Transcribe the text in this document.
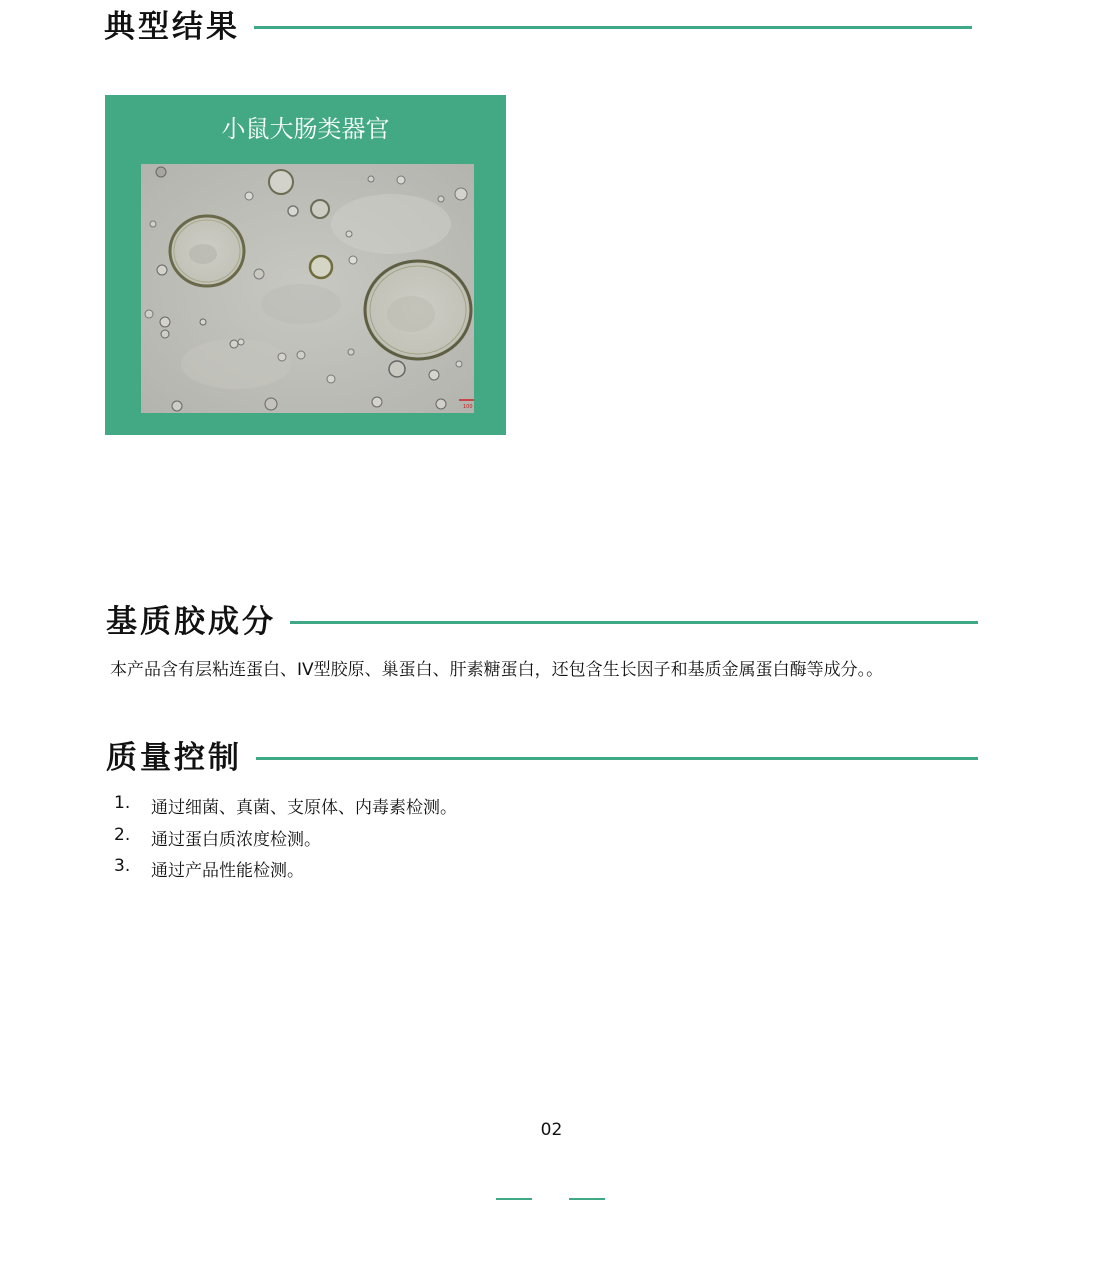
典型结果
小鼠大肠类器官
100
基质胶成分
本产品含有层粘连蛋白、IV型胶原、巢蛋白、肝素糖蛋白，还包含生长因子和基质金属蛋白酶等成分。。
质量控制
1.	通过细菌、真菌、支原体、内毒素检测。
2.	通过蛋白质浓度检测。
3.	通过产品性能检测。
02
